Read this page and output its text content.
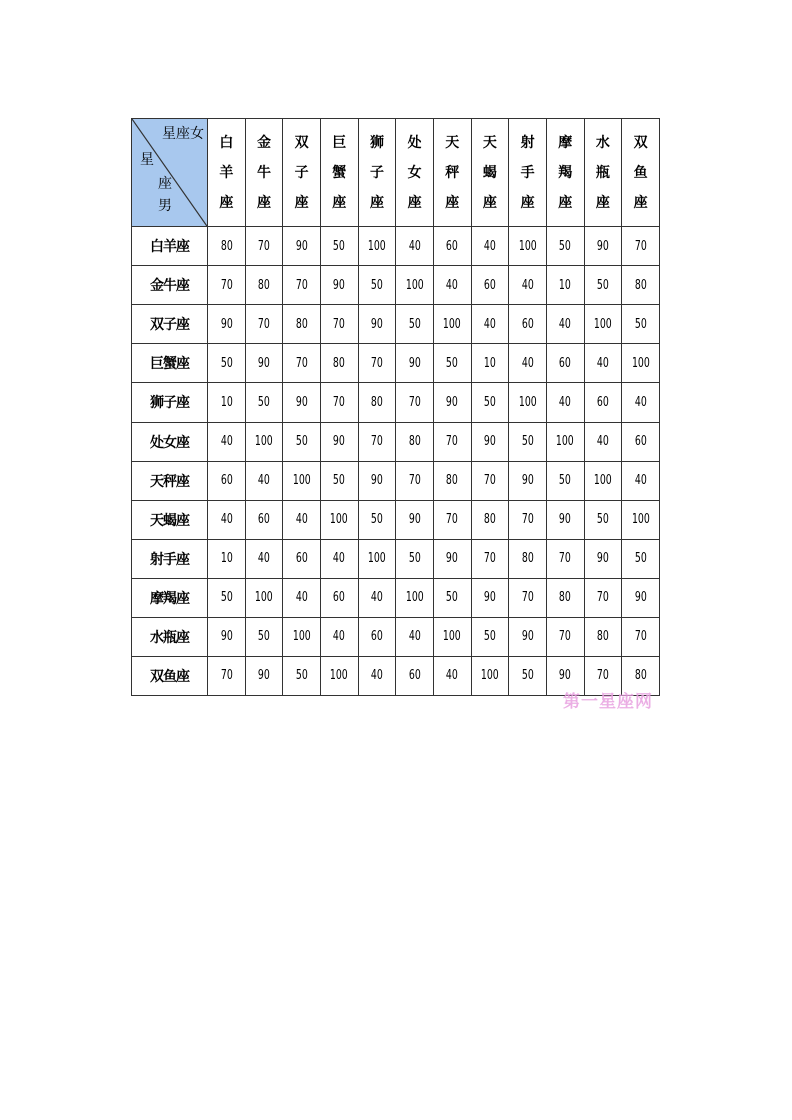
星座女
星
座男	白羊座	金牛座	双子座	巨蟹座	狮子座	处女座	天秤座	天蝎座	射手座	摩羯座	水瓶座	双鱼座

白羊座	80	70	90	50	100	40	60	40	100	50	90	70
金牛座	70	80	70	90	50	100	40	60	40	10	50	80
双子座	90	70	80	70	90	50	100	40	60	40	100	50
巨蟹座	50	90	70	80	70	90	50	10	40	60	40	100
狮子座	10	50	90	70	80	70	90	50	100	40	60	40
处女座	40	100	50	90	70	80	70	90	50	100	40	60
天秤座	60	40	100	50	90	70	80	70	90	50	100	40
天蝎座	40	60	40	100	50	90	70	80	70	90	50	100
射手座	10	40	60	40	100	50	90	70	80	70	90	50
摩羯座	50	100	40	60	40	100	50	90	70	80	70	90
水瓶座	90	50	100	40	60	40	100	50	90	70	80	70
双鱼座	70	90	50	100	40	60	40	100	50	90	70	80
第一星座网
